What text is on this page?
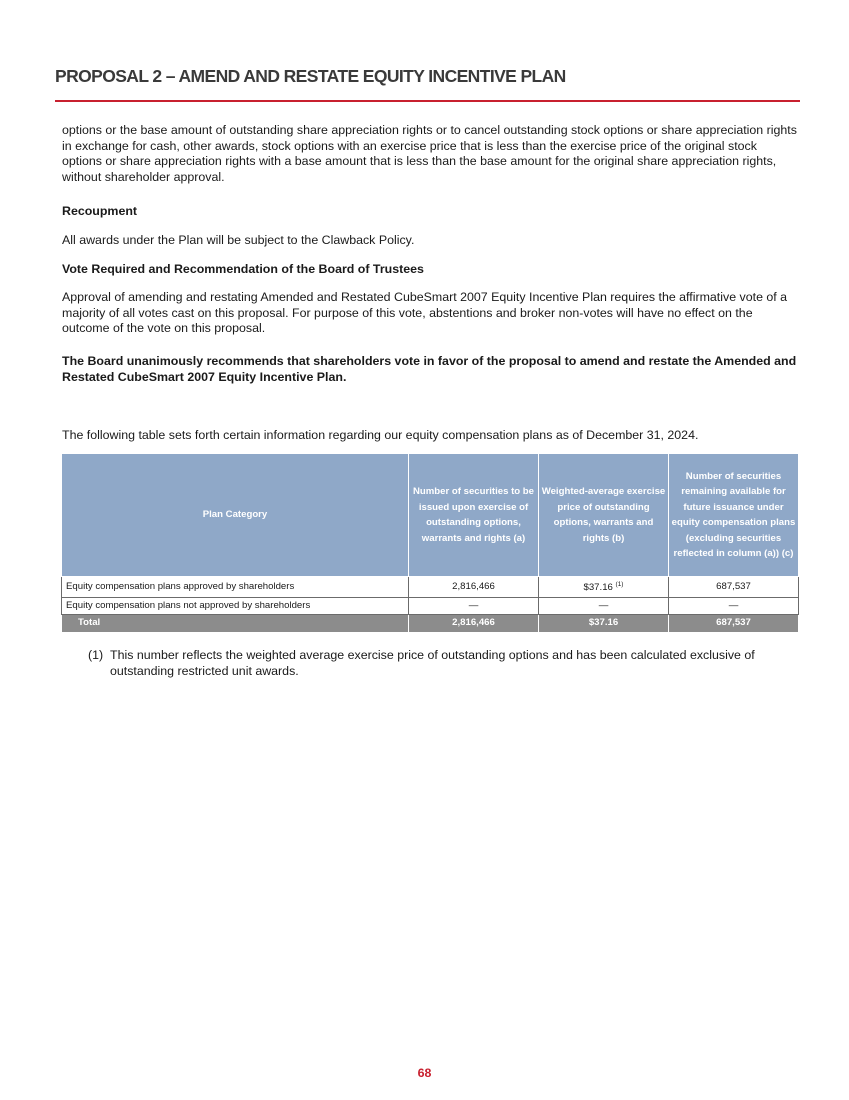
PROPOSAL 2 – AMEND AND RESTATE EQUITY INCENTIVE PLAN

options or the base amount of outstanding share appreciation rights or to cancel outstanding stock options or share appreciation rights in exchange for cash, other awards, stock options with an exercise price that is less than the exercise price of the original stock options or share appreciation rights with a base amount that is less than the base amount for the original share appreciation rights, without shareholder approval.

Recoupment
All awards under the Plan will be subject to the Clawback Policy.
Vote Required and Recommendation of the Board of Trustees
Approval of amending and restating Amended and Restated CubeSmart 2007 Equity Incentive Plan requires the affirmative vote of a majority of all votes cast on this proposal. For purpose of this vote, abstentions and broker non-votes will have no effect on the outcome of the vote on this proposal.
The Board unanimously recommends that shareholders vote in favor of the proposal to amend and restate the Amended and Restated CubeSmart 2007 Equity Incentive Plan.
The following table sets forth certain information regarding our equity compensation plans as of December 31, 2024.
Plan Category	Number of securities to be issued upon exercise of outstanding options, warrants and rights (a)	Weighted-average exercise price of outstanding options, warrants and rights (b)	Number of securities remaining available for future issuance under equity compensation plans (excluding securities reflected in column (a)) (c)
Equity compensation plans approved by shareholders	2,816,466	$37.16 $^{(1)}$	687,537
Equity compensation plans not approved by shareholders	—	—	—
Total	2,816,466	$37.16	687,537
(1) This number reflects the weighted average exercise price of outstanding options and has been calculated exclusive of outstanding restricted unit awards.
68
